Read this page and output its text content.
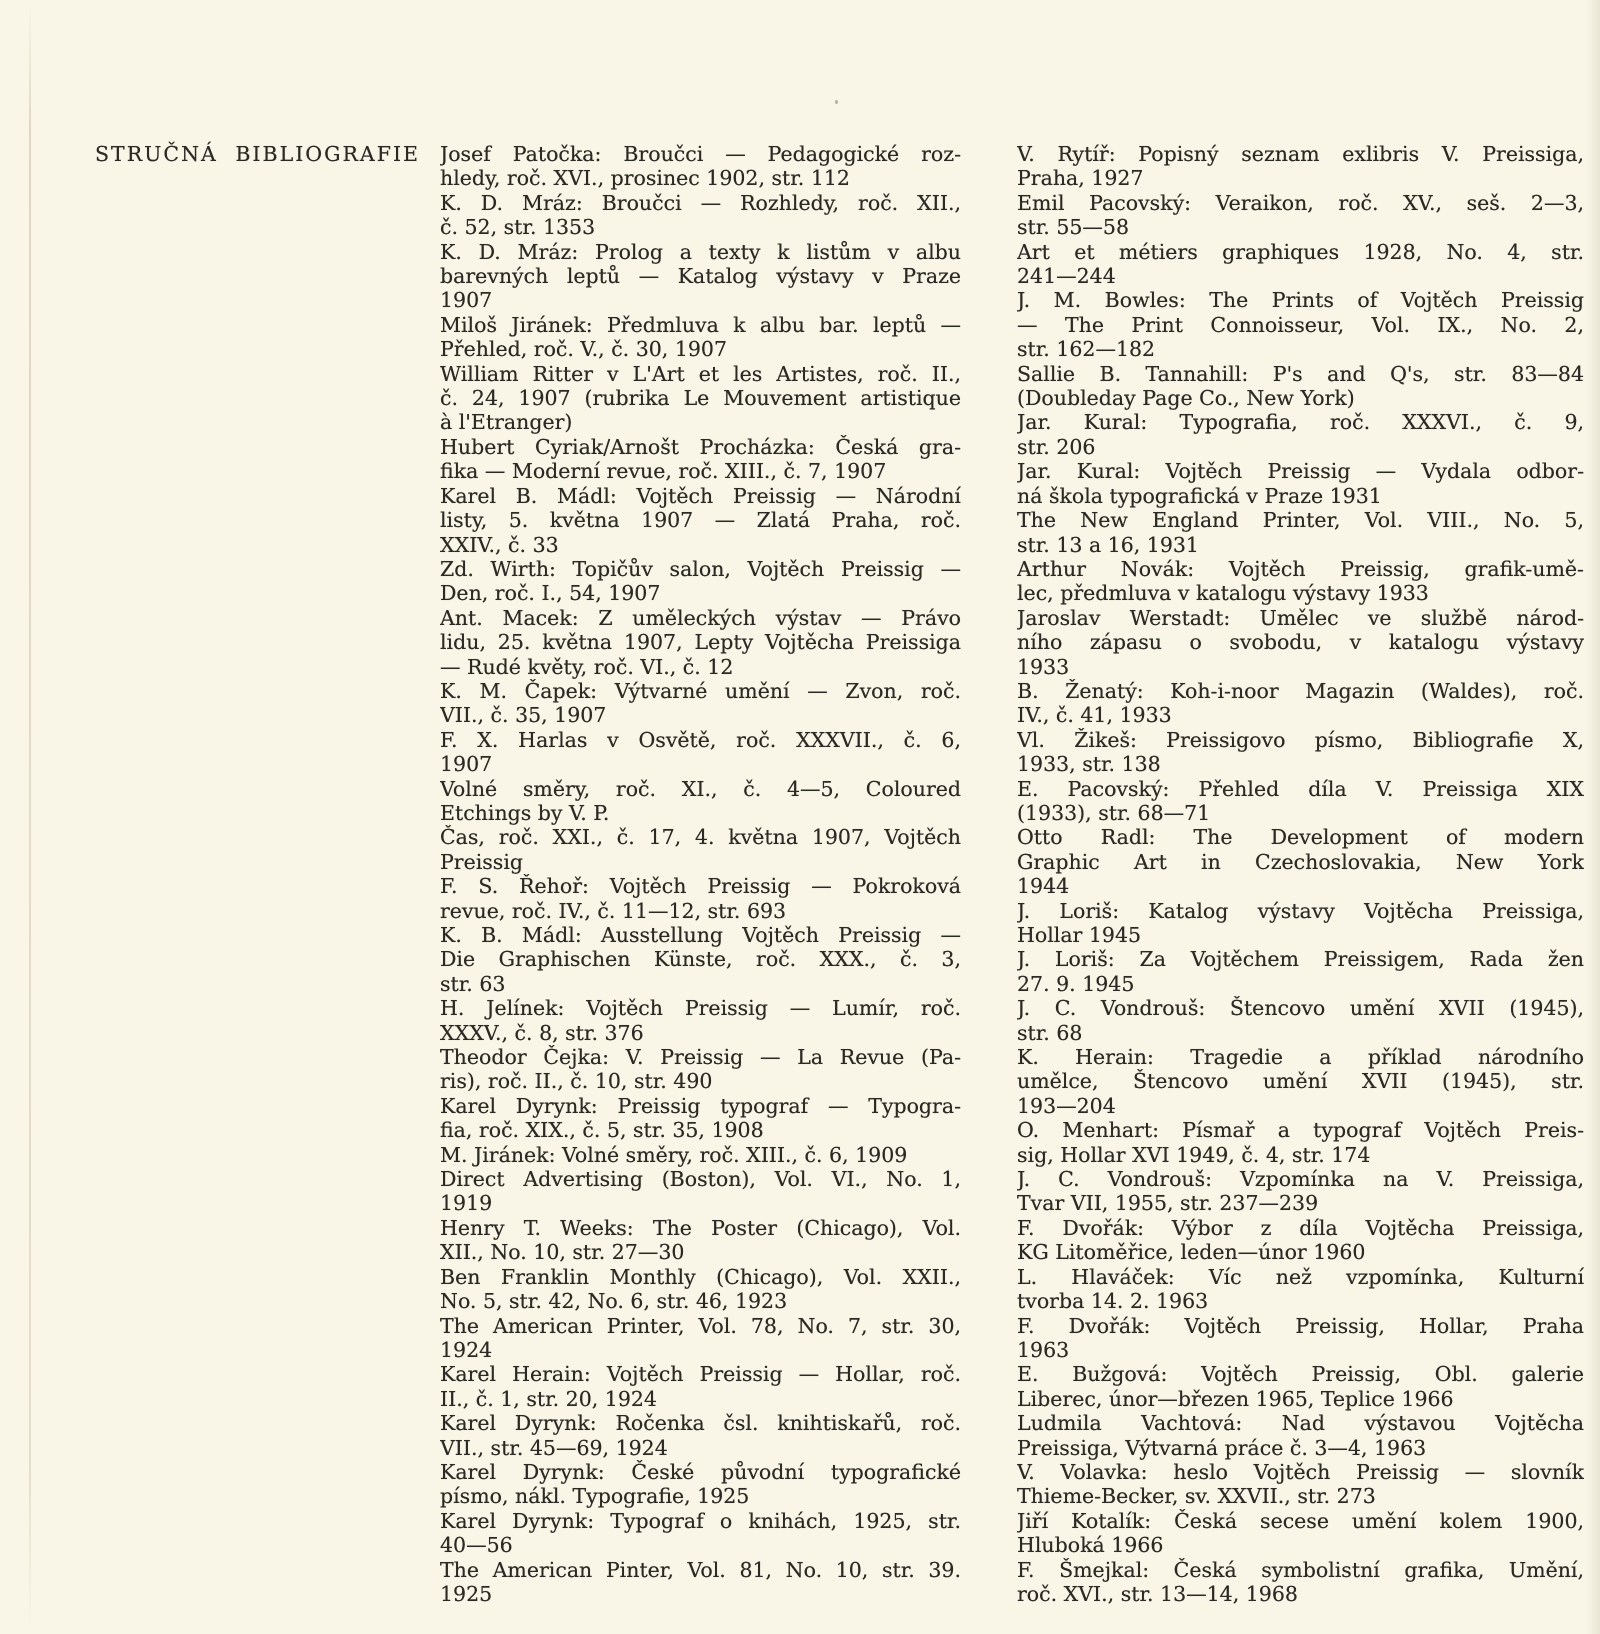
STRUČNÁ BIBLIOGRAFIE Josef Patočka: Broučci — Pedagogické roz-
hledy, roč. XVI., prosinec 1902, str. 112
K. D. Mráz: Broučci — Rozhledy, roč. XII.,
č. 52, str. 1353
K. D. Mráz: Prolog a texty k listům v albu
barevných leptů — Katalog výstavy v Praze
1907
Miloš Jiránek: Předmluva k albu bar. leptů —
Přehled, roč. V., č. 30, 1907
William Ritter v L'Art et les Artistes, roč. II.,
č. 24, 1907 (rubrika Le Mouvement artistique
à l'Etranger)
Hubert Cyriak/Arnošt Procházka: Česká gra-
fika — Moderní revue, roč. XIII., č. 7, 1907
Karel B. Mádl: Vojtěch Preissig — Národní
listy, 5. května 1907 — Zlatá Praha, roč.
XXIV., č. 33
Zd. Wirth: Topičův salon, Vojtěch Preissig —
Den, roč. I., 54, 1907
Ant. Macek: Z uměleckých výstav — Právo
lidu, 25. května 1907, Lepty Vojtěcha Preissiga
— Rudé květy, roč. VI., č. 12
K. M. Čapek: Výtvarné umění — Zvon, roč.
VII., č. 35, 1907
F. X. Harlas v Osvětě, roč. XXXVII., č. 6,
1907
Volné směry, roč. XI., č. 4—5, Coloured
Etchings by V. P.
Čas, roč. XXI., č. 17, 4. května 1907, Vojtěch
Preissig
F. S. Řehoř: Vojtěch Preissig — Pokroková
revue, roč. IV., č. 11—12, str. 693
K. B. Mádl: Ausstellung Vojtěch Preissig —
Die Graphischen Künste, roč. XXX., č. 3,
str. 63
H. Jelínek: Vojtěch Preissig — Lumír, roč.
XXXV., č. 8, str. 376
Theodor Čejka: V. Preissig — La Revue (Pa-
ris), roč. II., č. 10, str. 490
Karel Dyrynk: Preissig typograf — Typogra-
fia, roč. XIX., č. 5, str. 35, 1908
M. Jiránek: Volné směry, roč. XIII., č. 6, 1909
Direct Advertising (Boston), Vol. VI., No. 1,
1919
Henry T. Weeks: The Poster (Chicago), Vol.
XII., No. 10, str. 27—30
Ben Franklin Monthly (Chicago), Vol. XXII.,
No. 5, str. 42, No. 6, str. 46, 1923
The American Printer, Vol. 78, No. 7, str. 30,
1924
Karel Herain: Vojtěch Preissig — Hollar, roč.
II., č. 1, str. 20, 1924
Karel Dyrynk: Ročenka čsl. knihtiskařů, roč.
VII., str. 45—69, 1924
Karel Dyrynk: České původní typografické
písmo, nákl. Typografie, 1925
Karel Dyrynk: Typograf o knihách, 1925, str.
40—56
The American Pinter, Vol. 81, No. 10, str. 39.
1925
V. Rytíř: Popisný seznam exlibris V. Preissiga,
Praha, 1927
Emil Pacovský: Veraikon, roč. XV., seš. 2—3,
str. 55—58
Art et métiers graphiques 1928, No. 4, str.
241—244
J. M. Bowles: The Prints of Vojtěch Preissig
— The Print Connoisseur, Vol. IX., No. 2,
str. 162—182
Sallie B. Tannahill: P's and Q's, str. 83—84
(Doubleday Page Co., New York)
Jar. Kural: Typografia, roč. XXXVI., č. 9,
str. 206
Jar. Kural: Vojtěch Preissig — Vydala odbor-
ná škola typografická v Praze 1931
The New England Printer, Vol. VIII., No. 5,
str. 13 a 16, 1931
Arthur Novák: Vojtěch Preissig, grafik-umě-
lec, předmluva v katalogu výstavy 1933
Jaroslav Werstadt: Umělec ve službě národ-
ního zápasu o svobodu, v katalogu výstavy
1933
B. Ženatý: Koh-i-noor Magazin (Waldes), roč.
IV., č. 41, 1933
Vl. Žikeš: Preissigovo písmo, Bibliografie X,
1933, str. 138
E. Pacovský: Přehled díla V. Preissiga XIX
(1933), str. 68—71
Otto Radl: The Development of modern
Graphic Art in Czechoslovakia, New York
1944
J. Loriš: Katalog výstavy Vojtěcha Preissiga,
Hollar 1945
J. Loriš: Za Vojtěchem Preissigem, Rada žen
27. 9. 1945
J. C. Vondrouš: Štencovo umění XVII (1945),
str. 68
K. Herain: Tragedie a příklad národního
umělce, Štencovo umění XVII (1945), str.
193—204
O. Menhart: Písmař a typograf Vojtěch Preis-
sig, Hollar XVI 1949, č. 4, str. 174
J. C. Vondrouš: Vzpomínka na V. Preissiga,
Tvar VII, 1955, str. 237—239
F. Dvořák: Výbor z díla Vojtěcha Preissiga,
KG Litoměřice, leden—únor 1960
L. Hlaváček: Víc než vzpomínka, Kulturní
tvorba 14. 2. 1963
F. Dvořák: Vojtěch Preissig, Hollar, Praha
1963
E. Bužgová: Vojtěch Preissig, Obl. galerie
Liberec, únor—březen 1965, Teplice 1966
Ludmila Vachtová: Nad výstavou Vojtěcha
Preissiga, Výtvarná práce č. 3—4, 1963
V. Volavka: heslo Vojtěch Preissig — slovník
Thieme-Becker, sv. XXVII., str. 273
Jiří Kotalík: Česká secese umění kolem 1900,
Hluboká 1966
F. Šmejkal: Česká symbolistní grafika, Umění,
roč. XVI., str. 13—14, 1968
